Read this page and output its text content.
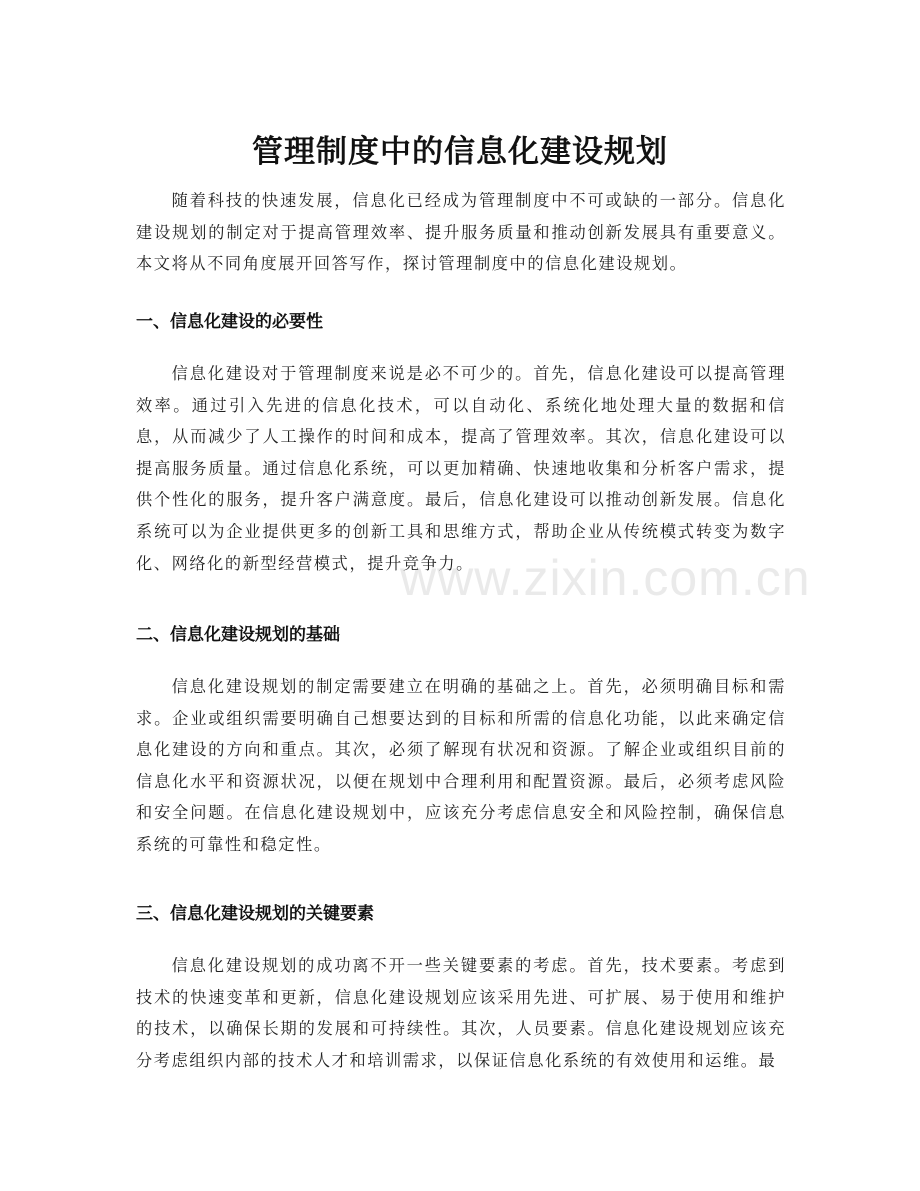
管理制度中的信息化建设规划

随着科技的快速发展，信息化已经成为管理制度中不可或缺的一部分。信息化建设规划的制定对于提高管理效率、提升服务质量和推动创新发展具有重要意义。本文将从不同角度展开回答写作，探讨管理制度中的信息化建设规划。

一、信息化建设的必要性

信息化建设对于管理制度来说是必不可少的。首先，信息化建设可以提高管理效率。通过引入先进的信息化技术，可以自动化、系统化地处理大量的数据和信息，从而减少了人工操作的时间和成本，提高了管理效率。其次，信息化建设可以提高服务质量。通过信息化系统，可以更加精确、快速地收集和分析客户需求，提供个性化的服务，提升客户满意度。最后，信息化建设可以推动创新发展。信息化系统可以为企业提供更多的创新工具和思维方式，帮助企业从传统模式转变为数字化、网络化的新型经营模式，提升竞争力。

二、信息化建设规划的基础

信息化建设规划的制定需要建立在明确的基础之上。首先，必须明确目标和需求。企业或组织需要明确自己想要达到的目标和所需的信息化功能，以此来确定信息化建设的方向和重点。其次，必须了解现有状况和资源。了解企业或组织目前的信息化水平和资源状况，以便在规划中合理利用和配置资源。最后，必须考虑风险和安全问题。在信息化建设规划中，应该充分考虑信息安全和风险控制，确保信息系统的可靠性和稳定性。

三、信息化建设规划的关键要素

信息化建设规划的成功离不开一些关键要素的考虑。首先，技术要素。考虑到技术的快速变革和更新，信息化建设规划应该采用先进、可扩展、易于使用和维护的技术，以确保长期的发展和可持续性。其次，人员要素。信息化建设规划应该充分考虑组织内部的技术人才和培训需求，以保证信息化系统的有效使用和运维。最

www.zixin.com.cn
